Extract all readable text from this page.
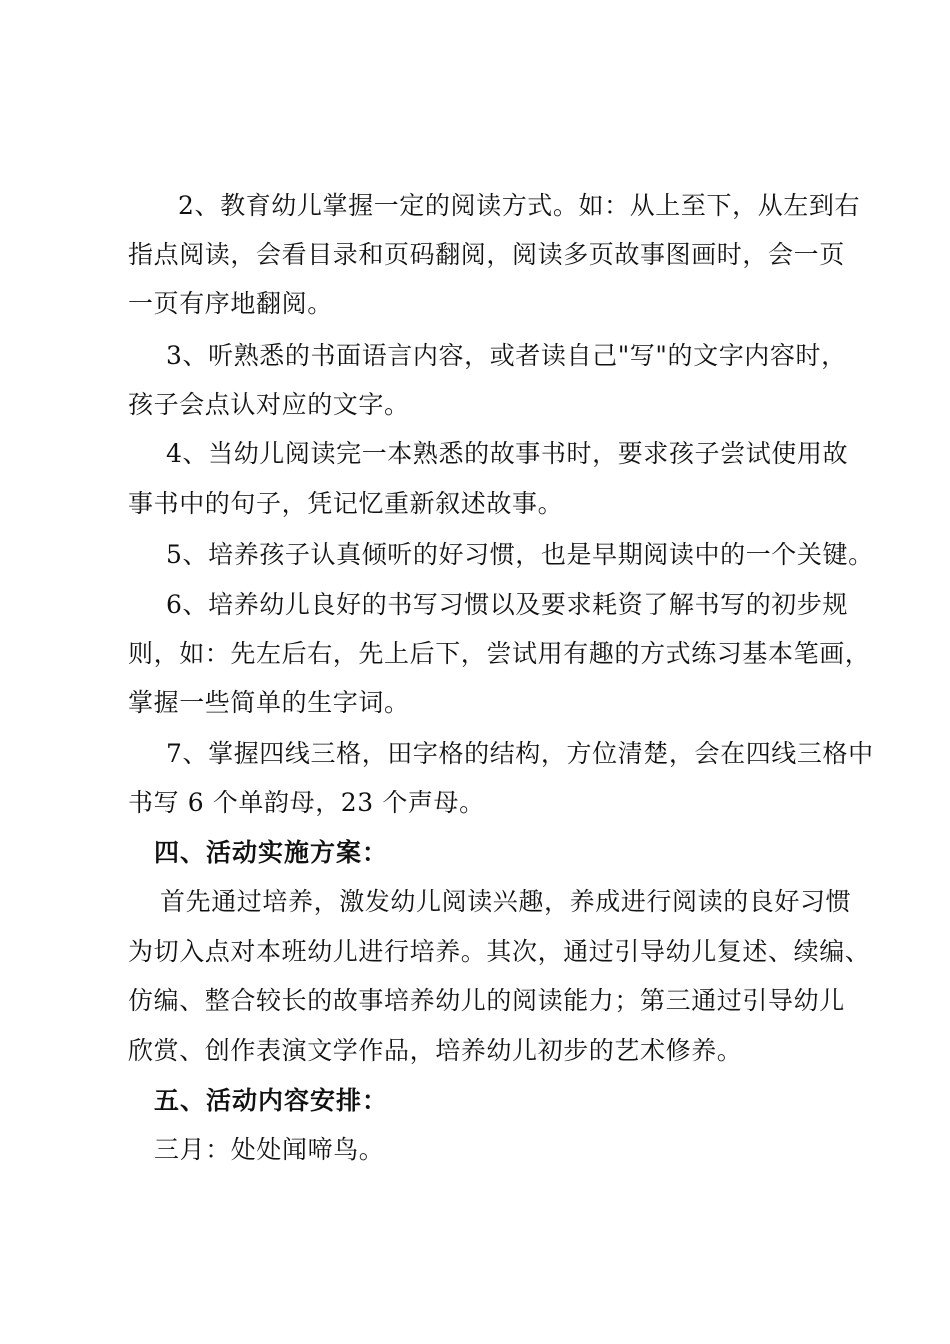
2、教育幼儿掌握一定的阅读方式。如：从上至下，从左到右
指点阅读，会看目录和页码翻阅，阅读多页故事图画时，会一页
一页有序地翻阅。
3、听熟悉的书面语言内容，或者读自己"写"的文字内容时，
孩子会点认对应的文字。
4、当幼儿阅读完一本熟悉的故事书时，要求孩子尝试使用故
事书中的句子，凭记忆重新叙述故事。
5、培养孩子认真倾听的好习惯，也是早期阅读中的一个关键。
6、培养幼儿良好的书写习惯以及要求耗资了解书写的初步规
则，如：先左后右，先上后下，尝试用有趣的方式练习基本笔画，
掌握一些简单的生字词。
7、掌握四线三格，田字格的结构，方位清楚，会在四线三格中
书写 6 个单韵母，23 个声母。
四、活动实施方案：
首先通过培养，激发幼儿阅读兴趣，养成进行阅读的良好习惯
为切入点对本班幼儿进行培养。其次，通过引导幼儿复述、续编、
仿编、整合较长的故事培养幼儿的阅读能力；第三通过引导幼儿
欣赏、创作表演文学作品，培养幼儿初步的艺术修养。
五、活动内容安排：
三月：处处闻啼鸟。
